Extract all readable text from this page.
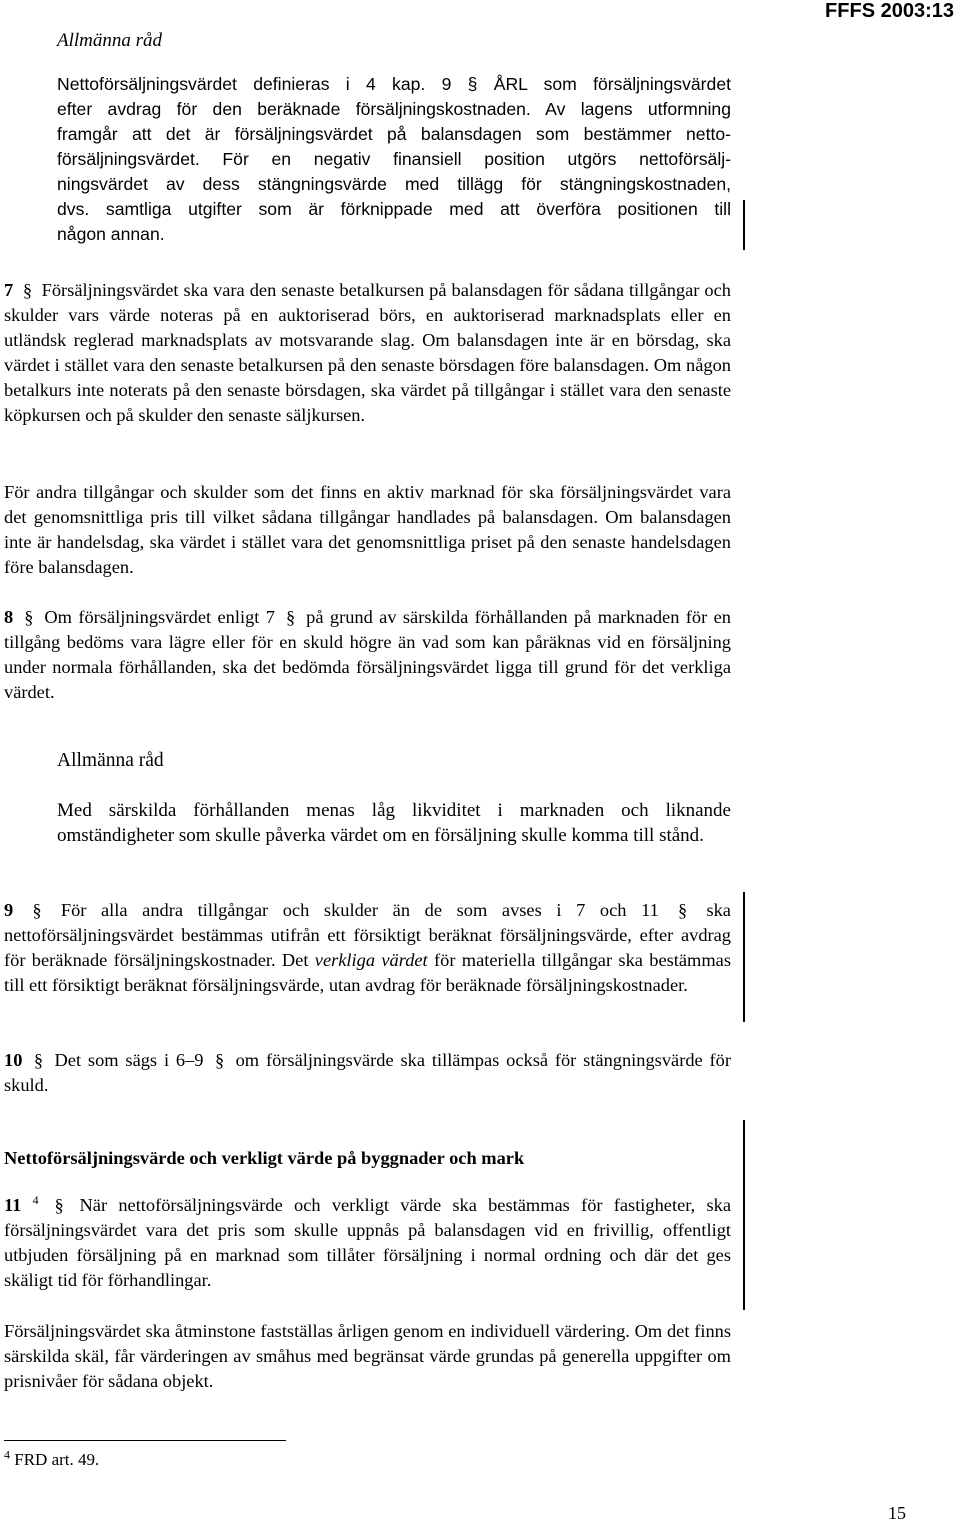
Allmänna råd
FFFS 2003:13
Nettoförsäljningsvärdet definieras i 4 kap. 9 § ÅRL som försäljningsvärdet
efter avdrag för den beräknade försäljningskostnaden. Av lagens utformning
framgår att det är försäljningsvärdet på balansdagen som bestämmer netto-
försäljningsvärdet. För en negativ finansiell position utgörs nettoförsälj-
ningsvärdet av dess stängningsvärde med tillägg för stängningskostnaden,
dvs. samtliga utgifter som är förknippade med att överföra positionen till
någon annan.

7 § Försäljningsvärdet ska vara den senaste betalkursen på balansdagen för sådana tillgångar och skulder vars värde noteras på en auktoriserad börs, en auktoriserad marknadsplats eller en utländsk reglerad marknadsplats av motsvarande slag. Om balansdagen inte är en börsdag, ska värdet i stället vara den senaste betalkursen på den senaste börsdagen före balansdagen. Om någon betalkurs inte noterats på den senaste börsdagen, ska värdet på tillgångar i stället vara den senaste köpkursen och på skulder den senaste säljkursen.

För andra tillgångar och skulder som det finns en aktiv marknad för ska försäljningsvärdet vara det genomsnittliga pris till vilket sådana tillgångar handlades på balansdagen. Om balansdagen inte är handelsdag, ska värdet i stället vara det genomsnittliga priset på den senaste handelsdagen före balansdagen.

8 § Om försäljningsvärdet enligt 7 § på grund av särskilda förhållanden på marknaden för en tillgång bedöms vara lägre eller för en skuld högre än vad som kan påräknas vid en försäljning under normala förhållanden, ska det bedömda försäljningsvärdet ligga till grund för det verkliga värdet.

Allmänna råd

Med särskilda förhållanden menas låg likviditet i marknaden och liknande omständigheter som skulle påverka värdet om en försäljning skulle komma till stånd.

9 § För alla andra tillgångar och skulder än de som avses i 7 och 11 § ska nettoförsäljningsvärdet bestämmas utifrån ett försiktigt beräknat försäljningsvärde, efter avdrag för beräknade försäljningskostnader. Det verkliga värdet för materiella tillgångar ska bestämmas till ett försiktigt beräknat försäljningsvärde, utan avdrag för beräknade försäljningskostnader.

10 § Det som sägs i 6–9 § om försäljningsvärde ska tillämpas också för stängningsvärde för skuld.

Nettoförsäljningsvärde och verkligt värde på byggnader och mark

11 $^4$ § När nettoförsäljningsvärde och verkligt värde ska bestämmas för fastigheter, ska försäljningsvärdet vara det pris som skulle uppnås på balansdagen vid en frivillig, offentligt utbjuden försäljning på en marknad som tillåter försäljning i normal ordning och där det ges skäligt tid för förhandlingar.

Försäljningsvärdet ska åtminstone fastställas årligen genom en individuell värdering. Om det finns särskilda skäl, får värderingen av småhus med begränsat värde grundas på generella uppgifter om prisnivåer för sådana objekt.

$^4$ FRD art. 49.
15
